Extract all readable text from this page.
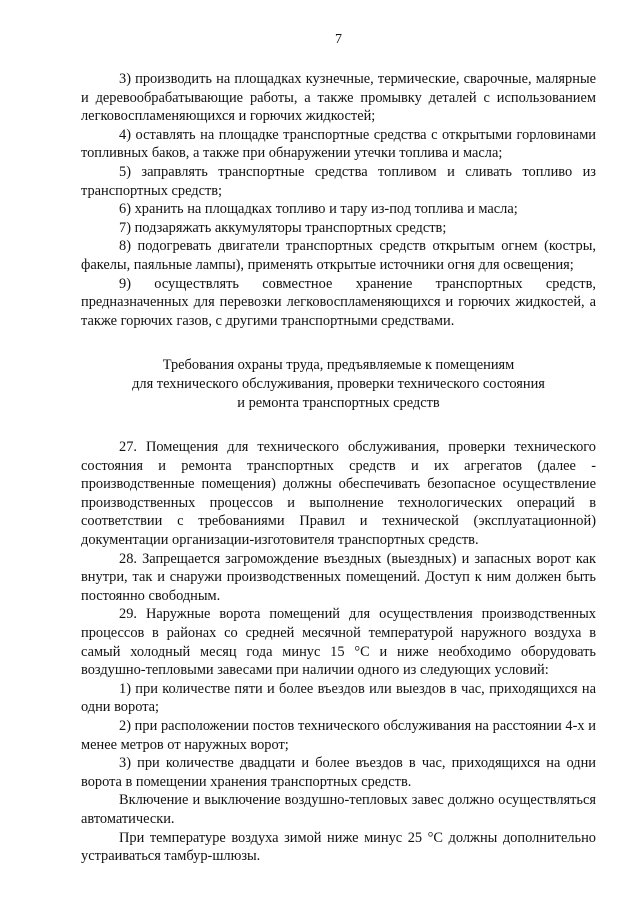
7

3) производить на площадках кузнечные, термические, сварочные, малярные и деревообрабатывающие работы, а также промывку деталей с использованием легковоспламеняющихся и горючих жидкостей;

4) оставлять на площадке транспортные средства с открытыми горловинами топливных баков, а также при обнаружении утечки топлива и масла;

5) заправлять транспортные средства топливом и сливать топливо из транспортных средств;

6) хранить на площадках топливо и тару из-под топлива и масла;

7) подзаряжать аккумуляторы транспортных средств;

8) подогревать двигатели транспортных средств открытым огнем (костры, факелы, паяльные лампы), применять открытые источники огня для освещения;

9) осуществлять совместное хранение транспортных средств, предназначенных для перевозки легковоспламеняющихся и горючих жидкостей, а также горючих газов, с другими транспортными средствами.

Требования охраны труда, предъявляемые к помещениям
для технического обслуживания, проверки технического состояния
и ремонта транспортных средств

27. Помещения для технического обслуживания, проверки технического состояния и ремонта транспортных средств и их агрегатов (далее - производственные помещения) должны обеспечивать безопасное осуществление производственных процессов и выполнение технологических операций в соответствии с требованиями Правил и технической (эксплуатационной) документации организации-изготовителя транспортных средств.

28. Запрещается загромождение въездных (выездных) и запасных ворот как внутри, так и снаружи производственных помещений. Доступ к ним должен быть постоянно свободным.

29. Наружные ворота помещений для осуществления производственных процессов в районах со средней месячной температурой наружного воздуха в самый холодный месяц года минус 15 °С и ниже необходимо оборудовать воздушно-тепловыми завесами при наличии одного из следующих условий:

1) при количестве пяти и более въездов или выездов в час, приходящихся на одни ворота;

2) при расположении постов технического обслуживания на расстоянии 4-х и менее метров от наружных ворот;

3) при количестве двадцати и более въездов в час, приходящихся на одни ворота в помещении хранения транспортных средств.

Включение и выключение воздушно-тепловых завес должно осуществляться автоматически.

При температуре воздуха зимой ниже минус 25 °С должны дополнительно устраиваться тамбур-шлюзы.
